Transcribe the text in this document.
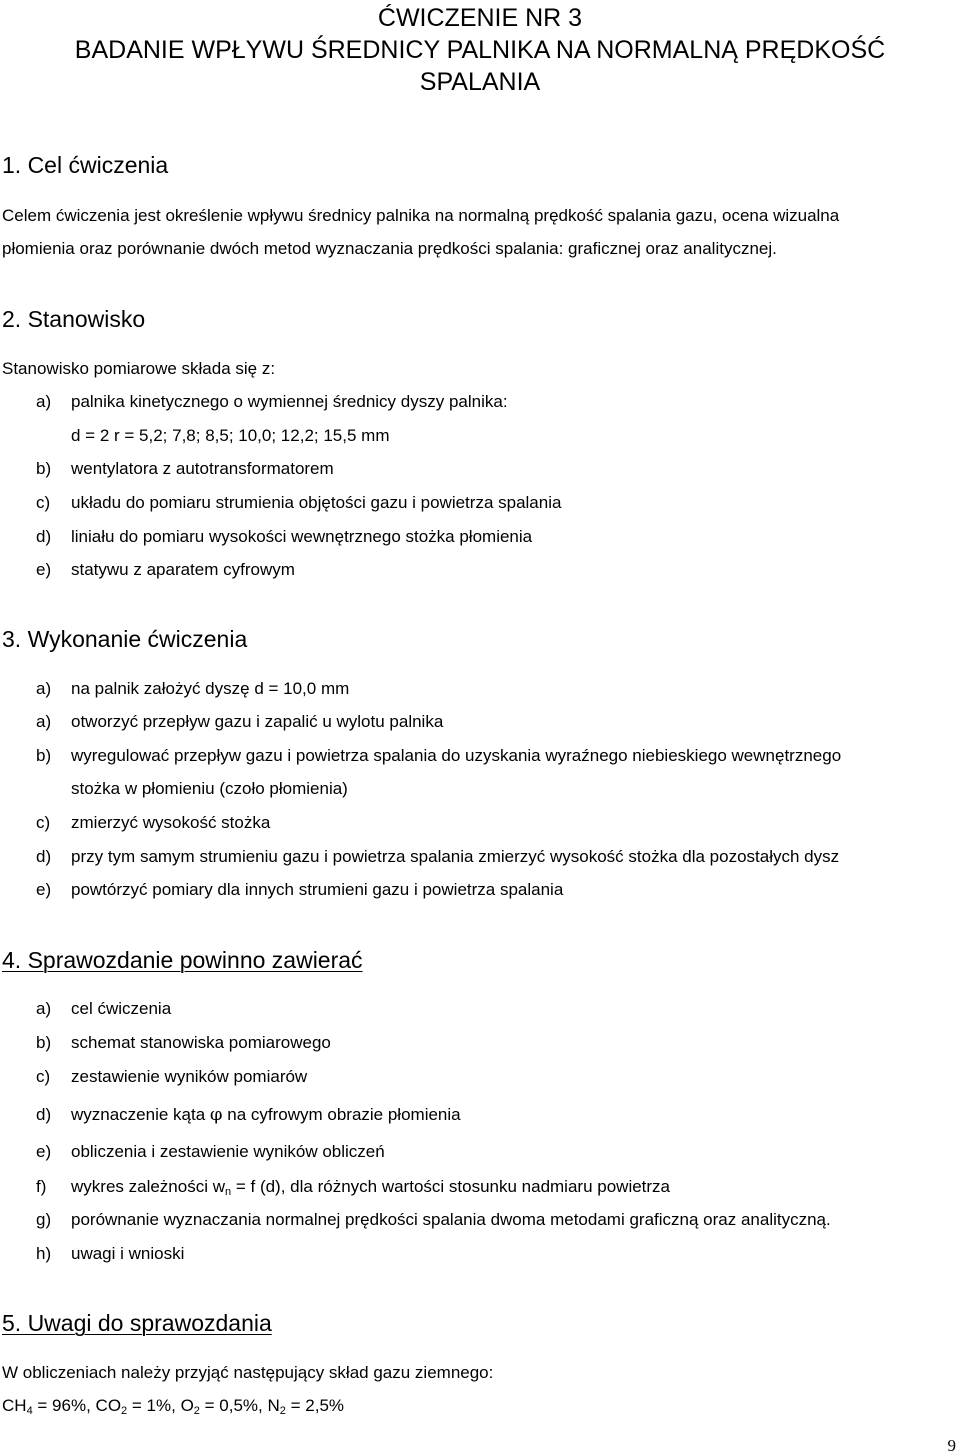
ĆWICZENIE NR 3
BADANIE WPŁYWU ŚREDNICY PALNIKA NA NORMALNĄ PRĘDKOŚĆ
SPALANIA
1. Cel ćwiczenia
Celem ćwiczenia jest określenie wpływu średnicy palnika na normalną prędkość spalania gazu, ocena wizualna
płomienia oraz porównanie dwóch metod wyznaczania prędkości spalania: graficznej oraz analitycznej.
2. Stanowisko
Stanowisko pomiarowe składa się z:
a) palnika kinetycznego o wymiennej średnicy dyszy palnika:
d = 2 r = 5,2; 7,8; 8,5; 10,0; 12,2; 15,5 mm
b) wentylatora z autotransformatorem
c) układu do pomiaru strumienia objętości gazu i powietrza spalania
d) liniału do pomiaru wysokości wewnętrznego stożka płomienia
e) statywu z aparatem cyfrowym
3. Wykonanie ćwiczenia
a) na palnik założyć dyszę d = 10,0 mm
a) otworzyć przepływ gazu i zapalić u wylotu palnika
b) wyregulować przepływ gazu i powietrza spalania do uzyskania wyraźnego niebieskiego wewnętrznego
stożka w płomieniu (czoło płomienia)
c) zmierzyć wysokość stożka
d) przy tym samym strumieniu gazu i powietrza spalania zmierzyć wysokość stożka dla pozostałych dysz
e) powtórzyć pomiary dla innych strumieni gazu i powietrza spalania
4. Sprawozdanie powinno zawierać
a) cel ćwiczenia
b) schemat stanowiska pomiarowego
c) zestawienie wyników pomiarów
d) wyznaczenie kąta φ na cyfrowym obrazie płomienia
e) obliczenia i zestawienie wyników obliczeń
f) wykres zależności $w_n = f$ (d), dla różnych wartości stosunku nadmiaru powietrza
g) porównanie wyznaczania normalnej prędkości spalania dwoma metodami graficzną oraz analityczną.
h) uwagi i wnioski
5. Uwagi do sprawozdania
W obliczeniach należy przyjąć następujący skład gazu ziemnego:
$CH_4 = 96\%$, $CO_2 = 1\%$, $O_2 = 0,5\%$, $N_2 = 2,5\%$
9
